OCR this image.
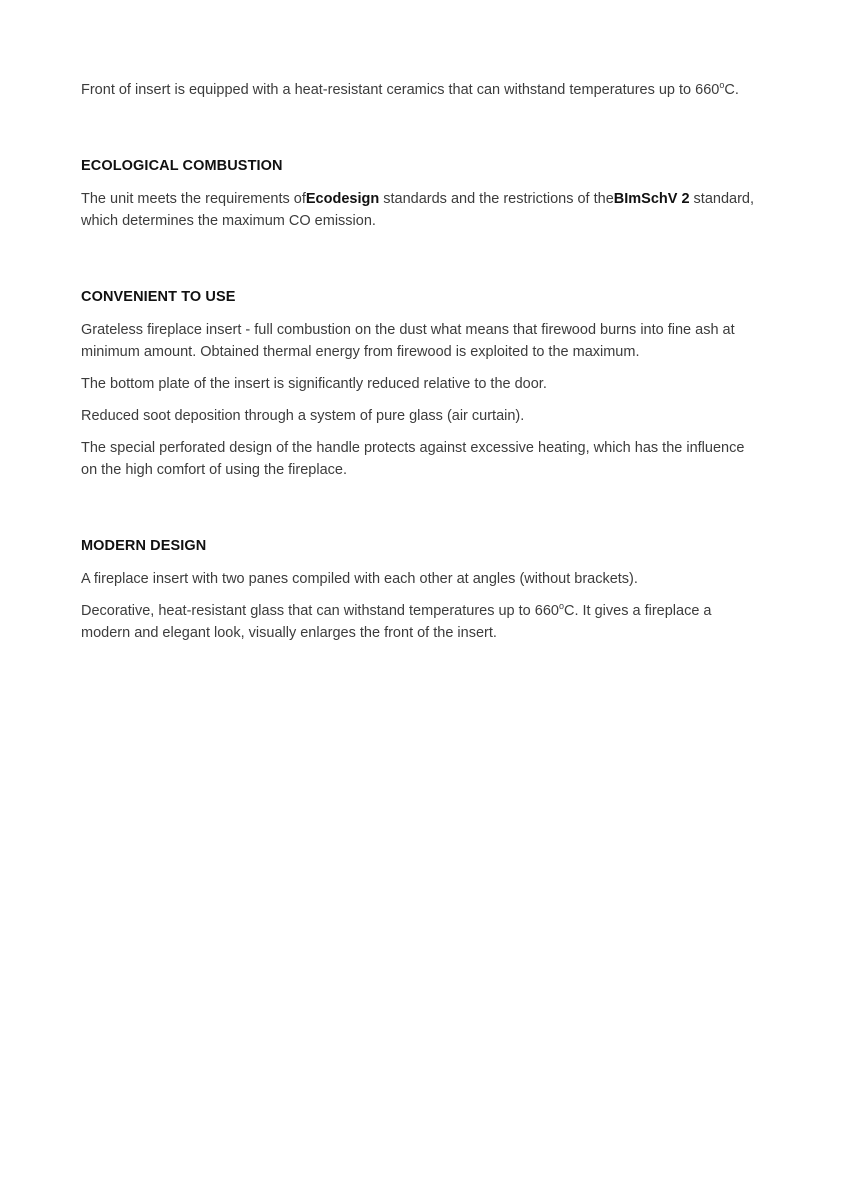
Front of insert is equipped with a heat-resistant ceramics that can withstand temperatures up to 660$^o$C.

ECOLOGICAL COMBUSTION

The unit meets the requirements ofEcodesign standards and the restrictions of theBImSchV 2 standard, which determines the maximum CO emission.

CONVENIENT TO USE

Grateless fireplace insert - full combustion on the dust what means that firewood burns into fine ash at minimum amount. Obtained thermal energy from firewood is exploited to the maximum.

The bottom plate of the insert is significantly reduced relative to the door.

Reduced soot deposition through a system of pure glass (air curtain).

The special perforated design of the handle protects against excessive heating, which has the influence on the high comfort of using the fireplace.

MODERN DESIGN

A fireplace insert with two panes compiled with each other at angles (without brackets).

Decorative, heat-resistant glass that can withstand temperatures up to 660$^o$C. It gives a fireplace a modern and elegant look, visually enlarges the front of the insert.
